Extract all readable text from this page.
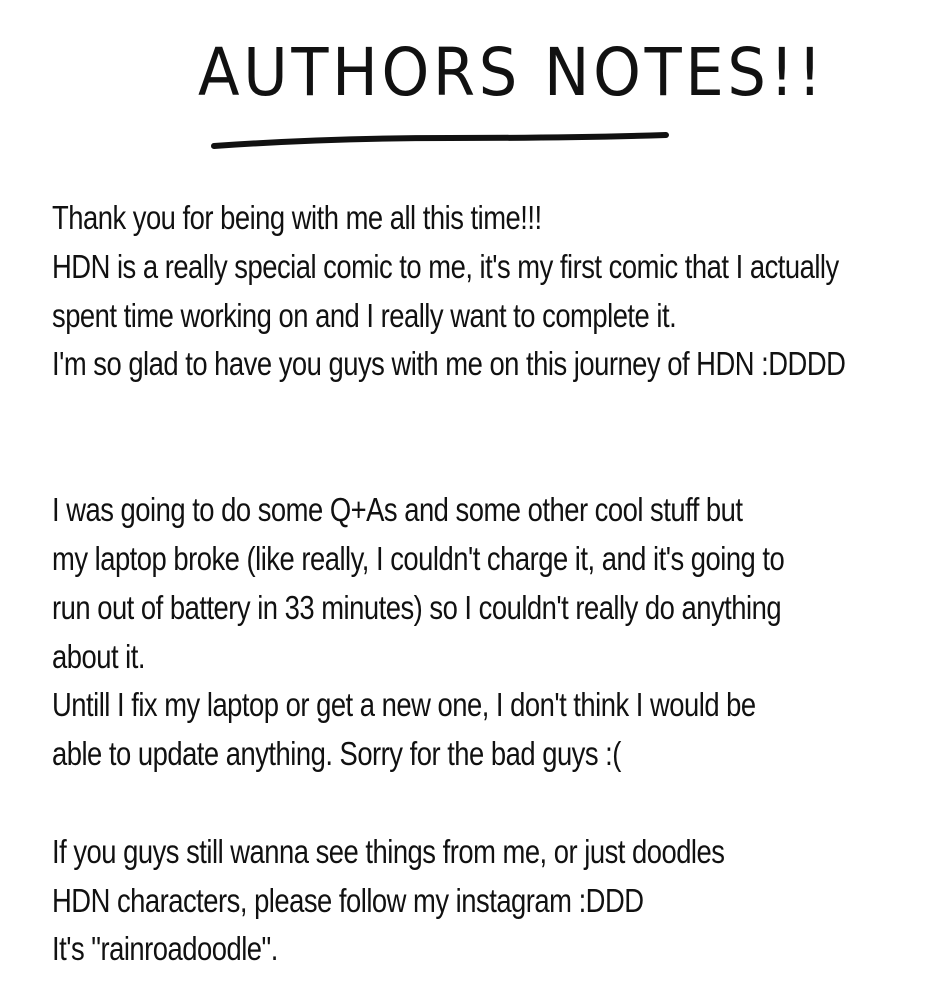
AUTHORS NOTES!!
Thank you for being with me all this time!!!
HDN is a really special comic to me, it's my first comic that I actually
spent time working on and I really want to complete it.
I'm so glad to have you guys with me on this journey of HDN :DDDD
I was going to do some Q+As and some other cool stuff but
my laptop broke (like really, I couldn't charge it, and it's going to
run out of battery in 33 minutes) so I couldn't really do anything
about it.
Untill I fix my laptop or get a new one, I don't think I would be
able to update anything. Sorry for the bad guys :(
If you guys still wanna see things from me, or just doodles
HDN characters, please follow my instagram :DDD
It's "rainroadoodle".
